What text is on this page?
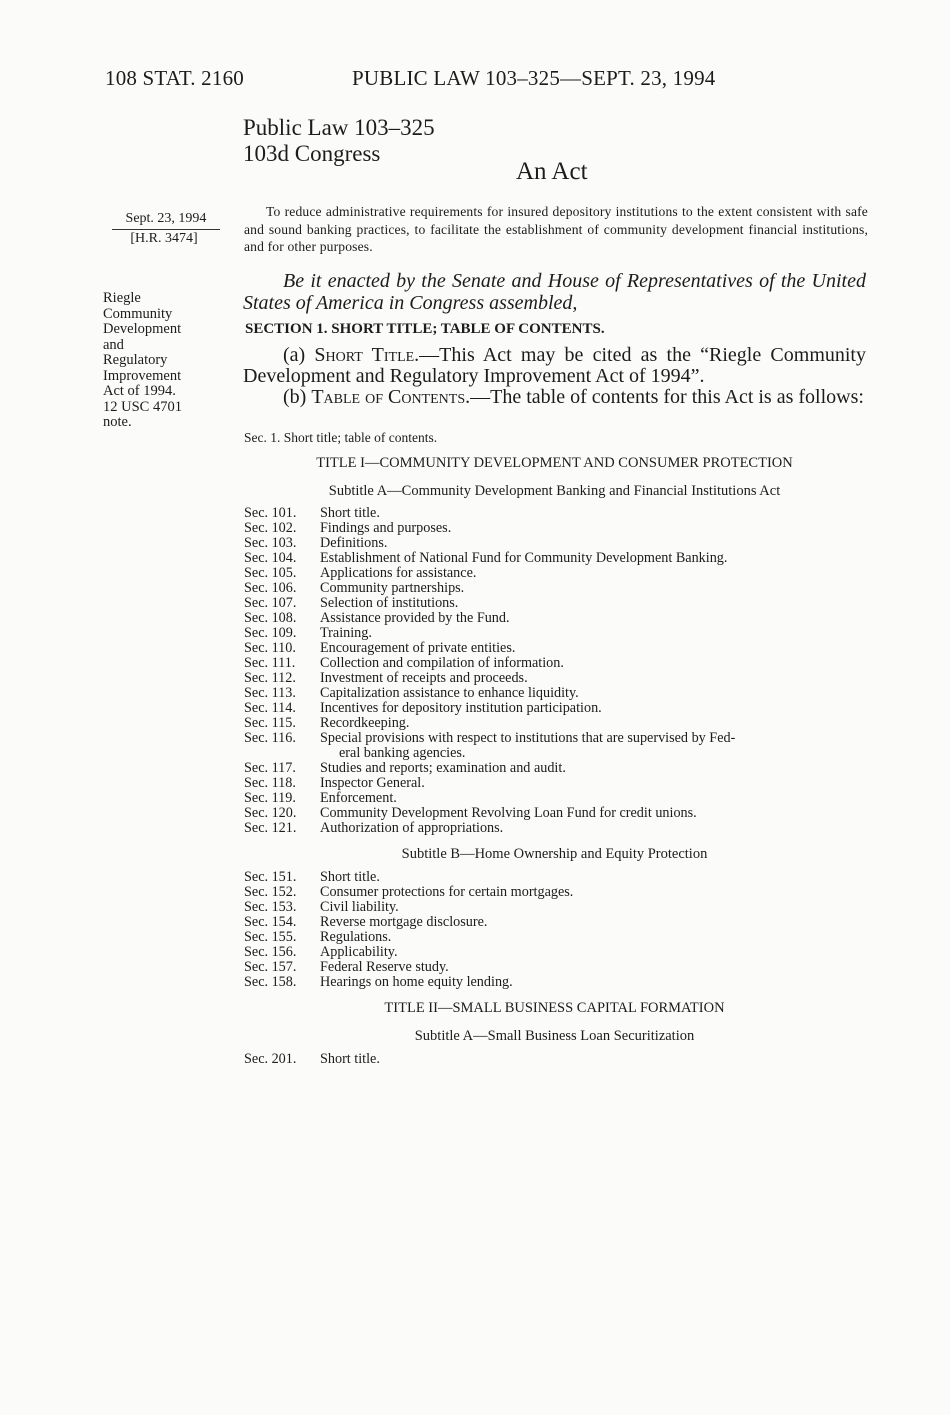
108 STAT. 2160	PUBLIC LAW 103–325—SEPT. 23, 1994
Public Law 103–325
103d Congress
An Act
Sept. 23, 1994
[H.R. 3474]
Riegle
Community
Development
and
Regulatory
Improvement
Act of 1994.
12 USC 4701
note.
To reduce administrative requirements for insured depository institutions to the extent consistent with safe and sound banking practices, to facilitate the establishment of community development financial institutions, and for other purposes.
Be it enacted by the Senate and House of Representatives of the United States of America in Congress assembled,
SECTION 1. SHORT TITLE; TABLE OF CONTENTS.
(a) Short Title.—This Act may be cited as the “Riegle Community Development and Regulatory Improvement Act of 1994”.
(b) Table of Contents.—The table of contents for this Act is as follows:
Sec. 1. Short title; table of contents.
TITLE I—COMMUNITY DEVELOPMENT AND CONSUMER PROTECTION
Subtitle A—Community Development Banking and Financial Institutions Act
Sec. 101.	Short title.
Sec. 102.	Findings and purposes.
Sec. 103.	Definitions.
Sec. 104.	Establishment of National Fund for Community Development Banking.
Sec. 105.	Applications for assistance.
Sec. 106.	Community partnerships.
Sec. 107.	Selection of institutions.
Sec. 108.	Assistance provided by the Fund.
Sec. 109.	Training.
Sec. 110.	Encouragement of private entities.
Sec. 111.	Collection and compilation of information.
Sec. 112.	Investment of receipts and proceeds.
Sec. 113.	Capitalization assistance to enhance liquidity.
Sec. 114.	Incentives for depository institution participation.
Sec. 115.	Recordkeeping.
Sec. 116.	Special provisions with respect to institutions that are supervised by Fed-
eral banking agencies.
Sec. 117.	Studies and reports; examination and audit.
Sec. 118.	Inspector General.
Sec. 119.	Enforcement.
Sec. 120.	Community Development Revolving Loan Fund for credit unions.
Sec. 121.	Authorization of appropriations.
Subtitle B—Home Ownership and Equity Protection
Sec. 151.	Short title.
Sec. 152.	Consumer protections for certain mortgages.
Sec. 153.	Civil liability.
Sec. 154.	Reverse mortgage disclosure.
Sec. 155.	Regulations.
Sec. 156.	Applicability.
Sec. 157.	Federal Reserve study.
Sec. 158.	Hearings on home equity lending.
TITLE II—SMALL BUSINESS CAPITAL FORMATION
Subtitle A—Small Business Loan Securitization
Sec. 201.	Short title.
